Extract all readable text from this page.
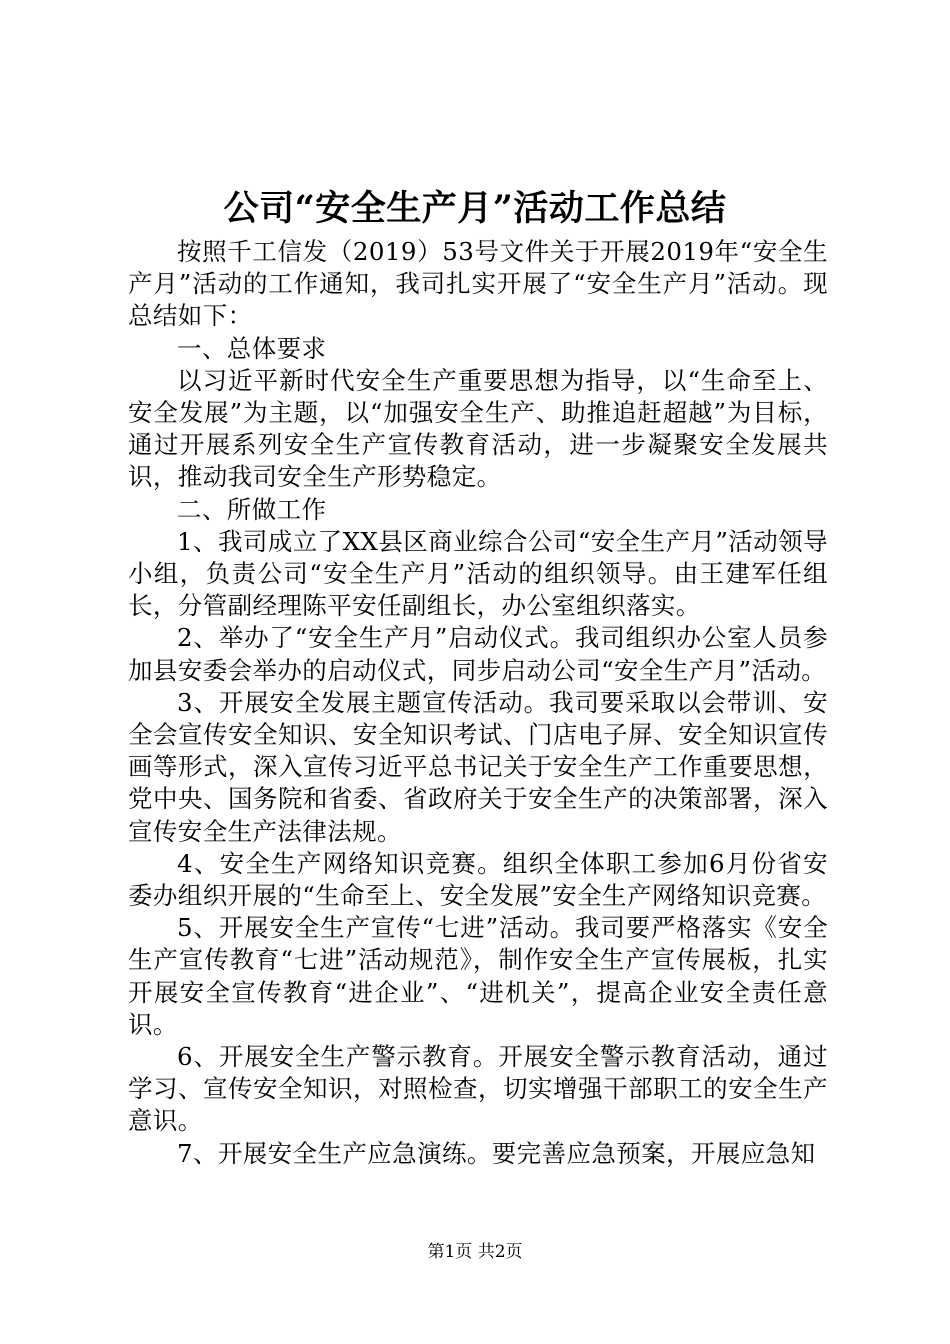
公司“安全生产月”活动工作总结

按照千工信发（2019）53号文件关于开展2019年“安全生产月”活动的工作通知，我司扎实开展了“安全生产月”活动。现总结如下：

一、总体要求

以习近平新时代安全生产重要思想为指导，以“生命至上、安全发展”为主题，以“加强安全生产、助推追赶超越”为目标，通过开展系列安全生产宣传教育活动，进一步凝聚安全发展共识，推动我司安全生产形势稳定。

二、所做工作

1、我司成立了XX县区商业综合公司“安全生产月”活动领导小组，负责公司“安全生产月”活动的组织领导。由王建军任组长，分管副经理陈平安任副组长，办公室组织落实。

2、举办了“安全生产月”启动仪式。我司组织办公室人员参加县安委会举办的启动仪式，同步启动公司“安全生产月”活动。

3、开展安全发展主题宣传活动。我司要采取以会带训、安全会宣传安全知识、安全知识考试、门店电子屏、安全知识宣传画等形式，深入宣传习近平总书记关于安全生产工作重要思想，党中央、国务院和省委、省政府关于安全生产的决策部署，深入宣传安全生产法律法规。

4、安全生产网络知识竞赛。组织全体职工参加6月份省安委办组织开展的“生命至上、安全发展”安全生产网络知识竞赛。

5、开展安全生产宣传“七进”活动。我司要严格落实《安全生产宣传教育“七进”活动规范》，制作安全生产宣传展板，扎实开展安全宣传教育“进企业”、“进机关”，提高企业安全责任意识。

6、开展安全生产警示教育。开展安全警示教育活动，通过学习、宣传安全知识，对照检查，切实增强干部职工的安全生产意识。

7、开展安全生产应急演练。要完善应急预案，开展应急知

第1页 共2页
